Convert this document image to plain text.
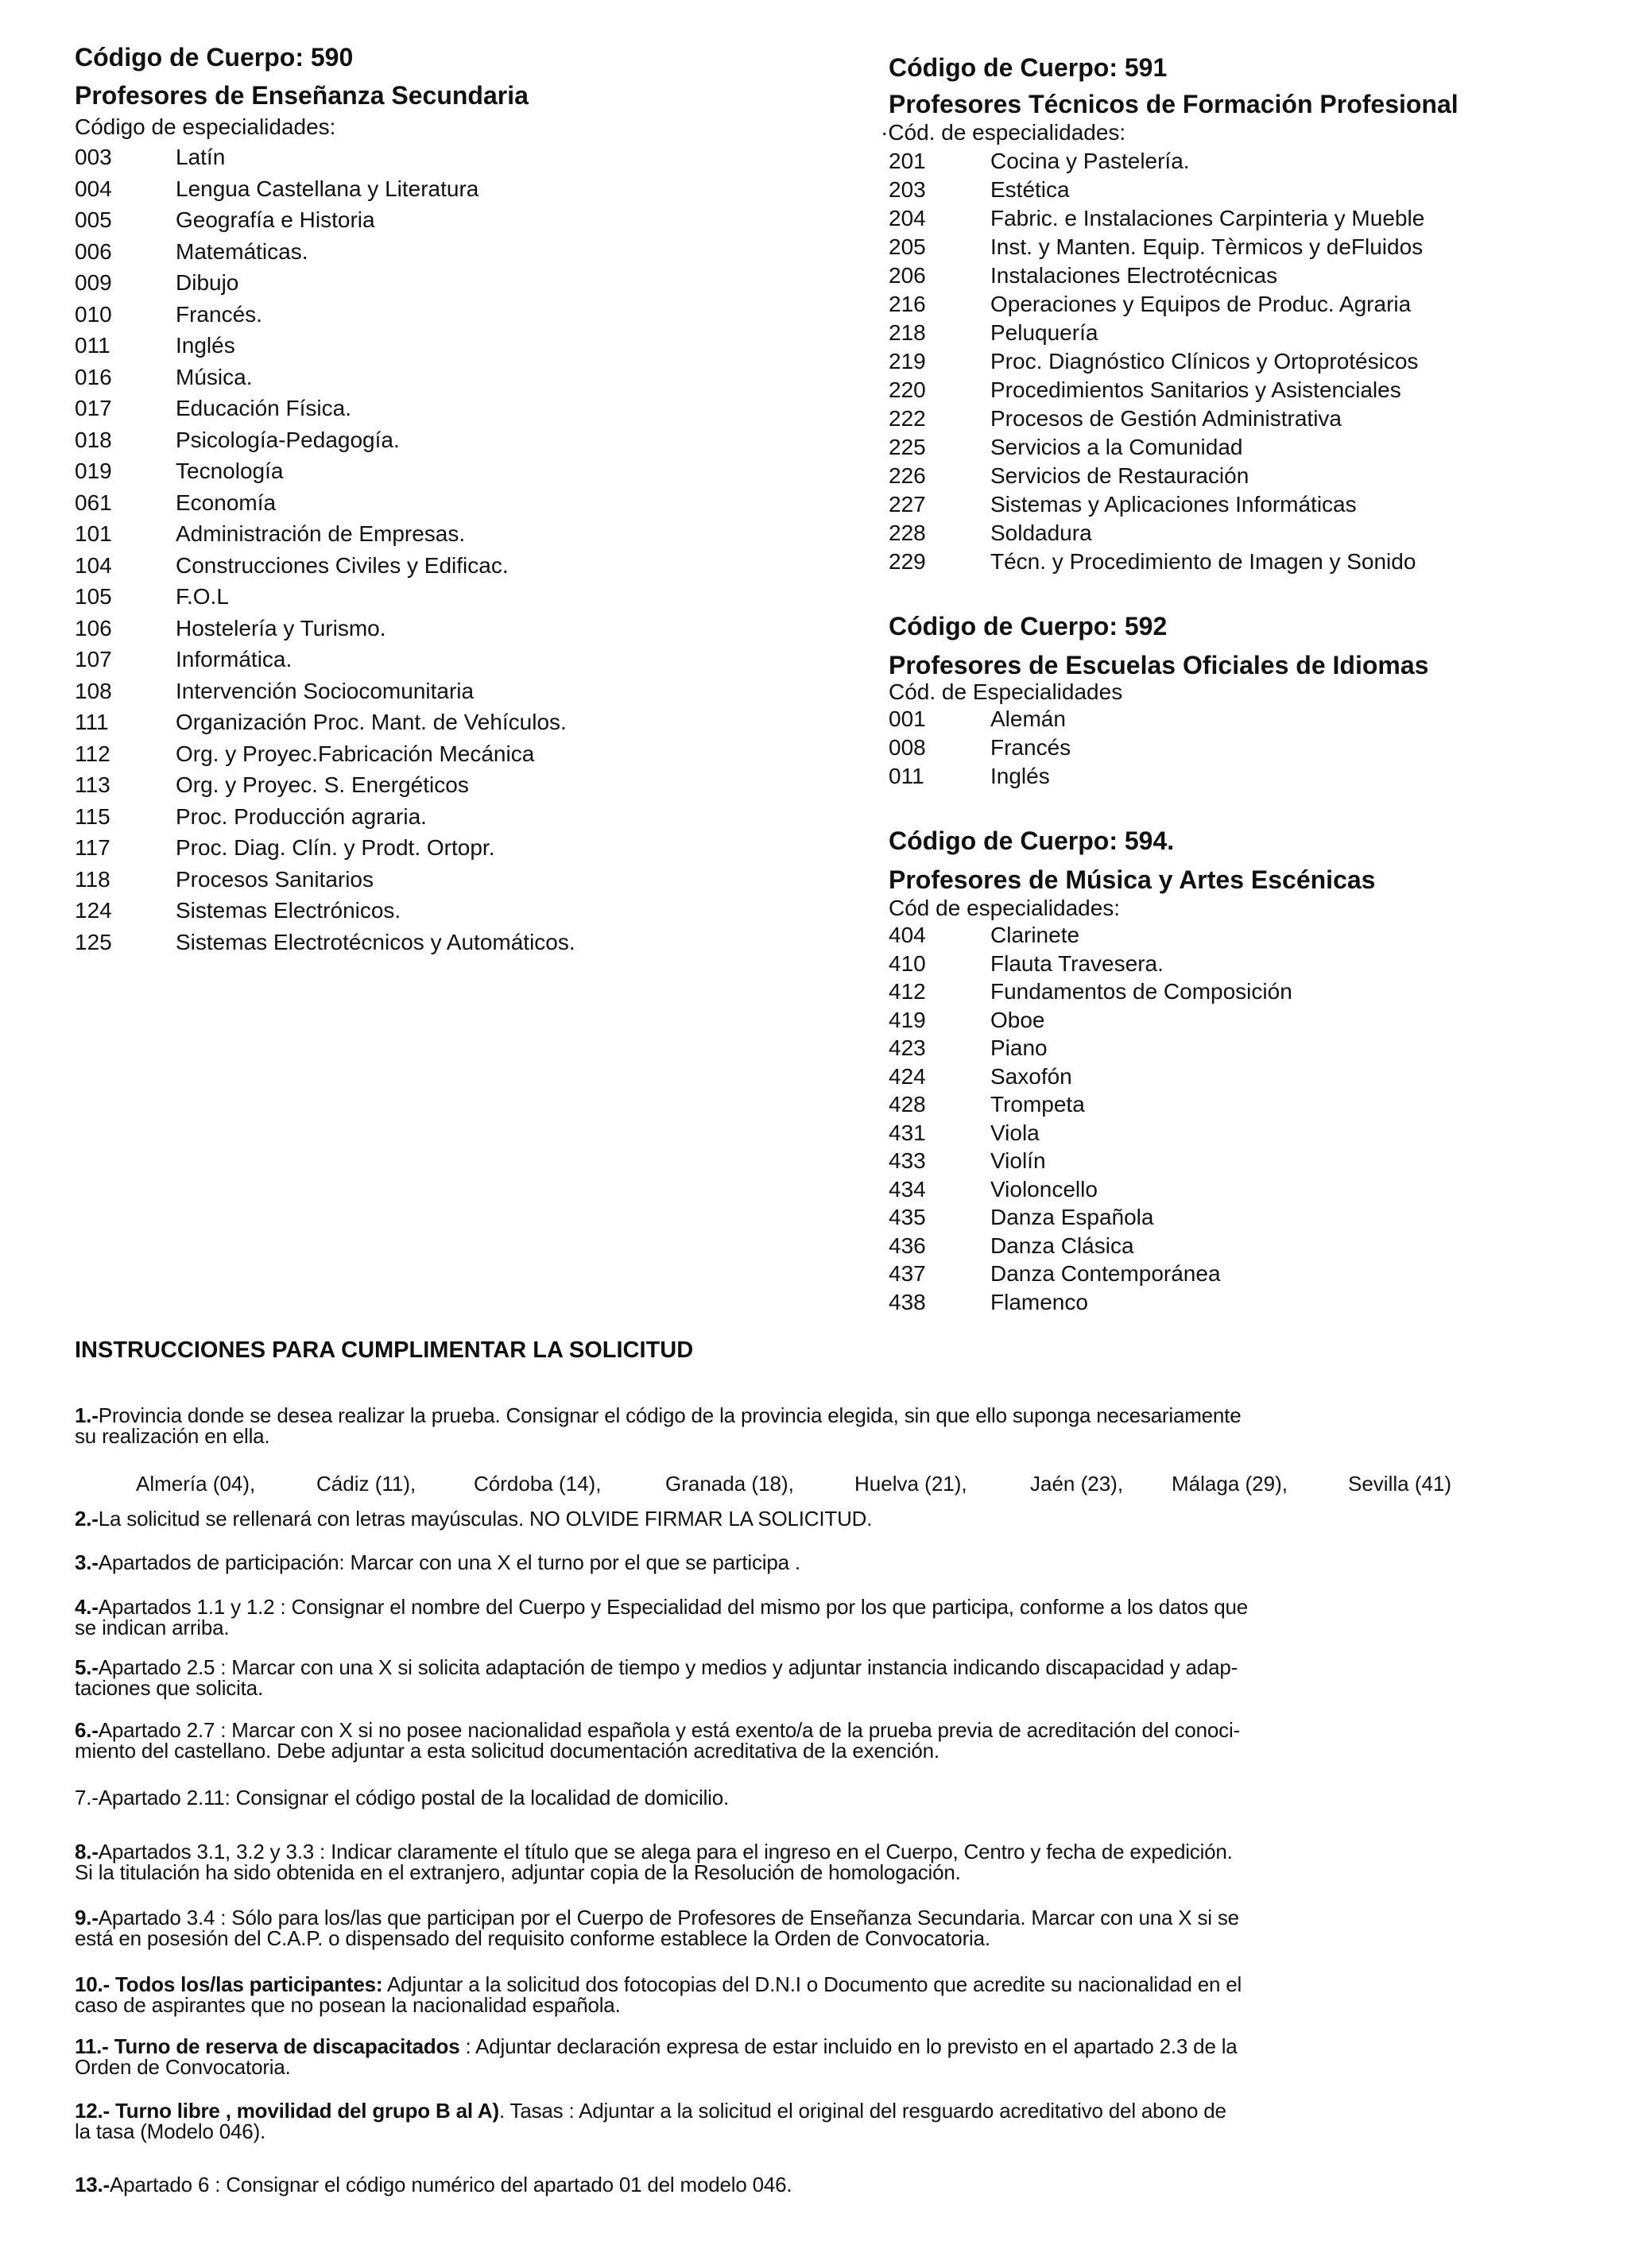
Código de Cuerpo: 590
Profesores de Enseñanza Secundaria
Código de especialidades:
003	Latín
004	Lengua Castellana y Literatura
005	Geografía e Historia
006	Matemáticas.
009	Dibujo
010	Francés.
011	Inglés
016	Música.
017	Educación Física.
018	Psicología-Pedagogía.
019	Tecnología
061	Economía
101	Administración de Empresas.
104	Construcciones Civiles y Edificac.
105	F.O.L
106	Hostelería y Turismo.
107	Informática.
108	Intervención Sociocomunitaria
111	Organización Proc. Mant. de Vehículos.
112	Org. y Proyec.Fabricación Mecánica
113	Org. y Proyec. S. Energéticos
115	Proc. Producción agraria.
117	Proc. Diag. Clín. y Prodt. Ortopr.
118	Procesos Sanitarios
124	Sistemas Electrónicos.
125	Sistemas Electrotécnicos y Automáticos.
Código de Cuerpo: 591
Profesores Técnicos de Formación Profesional
·Cód. de especialidades:
201	Cocina y Pastelería.
203	Estética
204	Fabric. e Instalaciones Carpinteria y Mueble
205	Inst. y Manten. Equip. Tèrmicos y deFluidos
206	Instalaciones Electrotécnicas
216	Operaciones y Equipos de Produc. Agraria
218	Peluquería
219	Proc. Diagnóstico Clínicos y Ortoprotésicos
220	Procedimientos Sanitarios y Asistenciales
222	Procesos de Gestión Administrativa
225	Servicios a la Comunidad
226	Servicios de Restauración
227	Sistemas y Aplicaciones Informáticas
228	Soldadura
229	Técn. y Procedimiento de Imagen y Sonido
Código de Cuerpo: 592
Profesores de Escuelas Oficiales de Idiomas
Cód. de Especialidades
001	Alemán
008	Francés
011	Inglés
Código de Cuerpo: 594.
Profesores de Música y Artes Escénicas
Cód de especialidades:
404	Clarinete
410	Flauta Travesera.
412	Fundamentos de Composición
419	Oboe
423	Piano
424	Saxofón
428	Trompeta
431	Viola
433	Violín
434	Violoncello
435	Danza Española
436	Danza Clásica
437	Danza Contemporánea
438	Flamenco
INSTRUCCIONES PARA CUMPLIMENTAR LA SOLICITUD
Almería (04),	Cádiz (11),	Córdoba (14),	Granada (18),	Huelva (21),	Jaén (23), Málaga (29),	Sevilla (41)
1.-Provincia donde se desea realizar la prueba. Consignar el código de la provincia elegida, sin que ello suponga necesariamente
su realización en ella.
2.-La solicitud se rellenará con letras mayúsculas. NO OLVIDE FIRMAR LA SOLICITUD.
3.-Apartados de participación: Marcar con una X el turno por el que se participa .
4.-Apartados 1.1 y 1.2 : Consignar el nombre del Cuerpo y Especialidad del mismo por los que participa, conforme a los datos que
se indican arriba.
5.-Apartado 2.5 : Marcar con una X si solicita adaptación de tiempo y medios y adjuntar instancia indicando discapacidad y adap-
taciones que solicita.
6.-Apartado 2.7 : Marcar con X si no posee nacionalidad española y está exento/a de la prueba previa de acreditación del conoci-
miento del castellano. Debe adjuntar a esta solicitud documentación acreditativa de la exención.
7.-Apartado 2.11: Consignar el código postal de la localidad de domicilio.
8.-Apartados 3.1, 3.2 y 3.3 : Indicar claramente el título que se alega para el ingreso en el Cuerpo, Centro y fecha de expedición.
Si la titulación ha sido obtenida en el extranjero, adjuntar copia de la Resolución de homologación.
9.-Apartado 3.4 : Sólo para los/las que participan por el Cuerpo de Profesores de Enseñanza Secundaria. Marcar con una X si se
está en posesión del C.A.P. o dispensado del requisito conforme establece la Orden de Convocatoria.
10.- Todos los/las participantes: Adjuntar a la solicitud dos fotocopias del D.N.I o Documento que acredite su nacionalidad en el
caso de aspirantes que no posean la nacionalidad española.
11.- Turno de reserva de discapacitados : Adjuntar declaración expresa de estar incluido en lo previsto en el apartado 2.3 de la
Orden de Convocatoria.
12.- Turno libre , movilidad del grupo B al A). Tasas : Adjuntar a la solicitud el original del resguardo acreditativo del abono de
la tasa (Modelo 046).
13.-Apartado 6 : Consignar el código numérico del apartado 01 del modelo 046.
